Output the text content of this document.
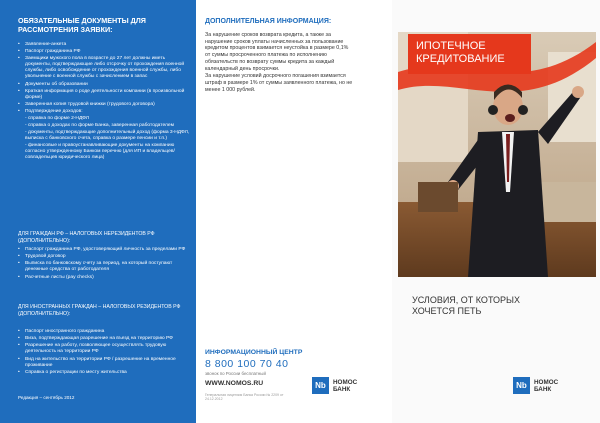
ОБЯЗАТЕЛЬНЫЕ ДОКУМЕНТЫ ДЛЯ РАССМОТРЕНИЯ ЗАЯВКИ:
• Заявление-анкета
• Паспорт гражданина РФ
• Заемщики мужского пола в возрасте до 27 лет должны иметь документы, подтверждающие либо отсрочку от прохождения военной службы, либо освобождение от прохождения военной службы, либо увольнение с военной службы с зачислением в запас
• Документы об образовании
• Краткая информация о роде деятельности компании (в произвольной форме)
• Заверенная копия трудовой книжки (трудового договора)
• Подтверждение доходов:
- справка по форме 2-НДФЛ
- справка о доходах по форме Банка, заверенная работодателем
- документы, подтверждающие дополнительный доход (форма 3-НДФЛ, выписка с банковского счета, справка о размере пенсии и т.п.)
- финансовые и правоустанавливающие документы на компанию согласно утвержденному Банком перечню (для ИП и владельцев/совладельцев юридического лица)
ДЛЯ ГРАЖДАН РФ – НАЛОГОВЫХ НЕРЕЗИДЕНТОВ РФ (ДОПОЛНИТЕЛЬНО):
• Паспорт гражданина РФ, удостоверяющий личность за пределами РФ
• Трудовой договор
• Выписка по банковскому счету за период, на который поступают денежные средства от работодателя
• Расчетные листы (pay checks)
ДЛЯ ИНОСТРАННЫХ ГРАЖДАН – НАЛОГОВЫХ РЕЗИДЕНТОВ РФ (ДОПОЛНИТЕЛЬНО):
• Паспорт иностранного гражданина
• Виза, подтверждающая разрешение на въезд на территорию РФ
• Разрешение на работу, позволяющее осуществлять трудовую деятельность на территории РФ
• Вид на жительство на территории РФ / разрешение на временное проживание
• Справка о регистрации по месту жительства
Редакция – сентябрь 2012
ДОПОЛНИТЕЛЬНАЯ ИНФОРМАЦИЯ:

За нарушение сроков возврата кредита, а также за нарушение сроков уплаты начисленных за пользование кредитом процентов взимается неустойка в размере 0,1% от суммы просроченного платежа по исполнению обязательств по возврату суммы кредита за каждый календарный день просрочки.

За нарушение условий досрочного погашения взимается штраф в размере 1% от суммы заявленного платежа, но не менее 1 000 рублей.

ИНФОРМАЦИОННЫЙ ЦЕНТР
8 800 100 70 40
звонок по России бесплатный
WWW.NOMOS.RU
Генеральная лицензия Банка России № 2209 от 24.12.2012
Nb	НОМОС
БАНК
ИПОТЕЧНОЕ КРЕДИТОВАНИЕ
УСЛОВИЯ, ОТ КОТОРЫХ ХОЧЕТСЯ ПЕТЬ
Nb	НОМОС
БАНК
